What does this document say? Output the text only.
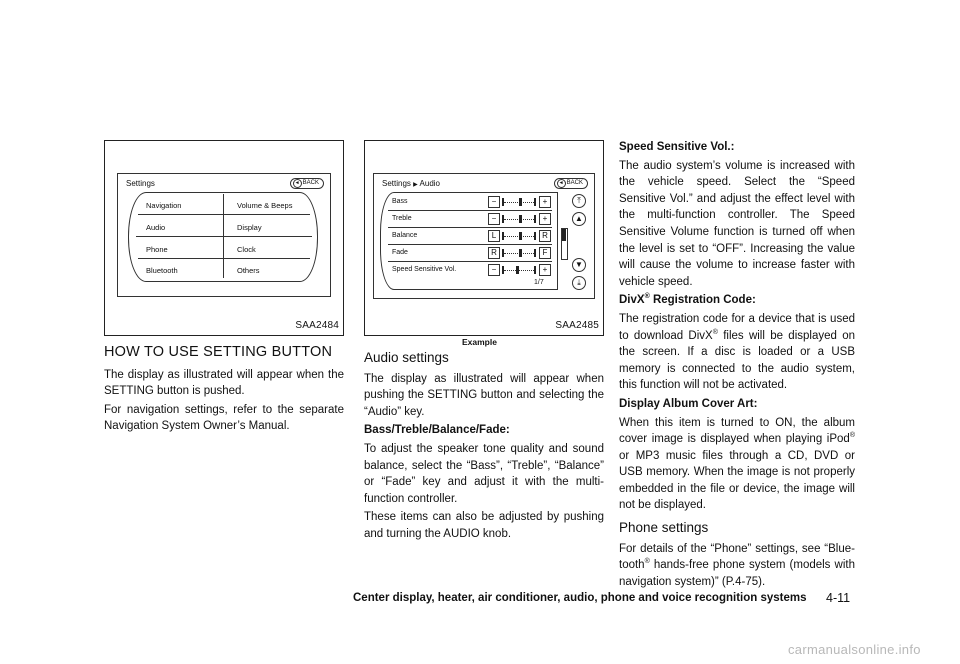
Settings	◄ BACK
Navigation
Audio
Phone
Bluetooth
Volume & Beeps
Display
Clock
Others
SAA2484
Settings ▶ Audio	◄ BACK
1/7
⤒
▲
▼
⤓
Bass	−	+
Treble	−	+
Balance	L	R
Fade	R	F
Speed Sensitive Vol.	−	+
SAA2485
Example
HOW TO USE SETTING BUTTON

The display as illustrated will appear when the SETTING button is pushed.

For navigation settings, refer to the separate Navigation System Owner’s Manual.

Audio settings

The display as illustrated will appear when pushing the SETTING button and selecting the “Audio” key.

Bass/Treble/Balance/Fade:

To adjust the speaker tone quality and sound balance, select the “Bass”, “Treble”, “Balance” or “Fade” key and adjust it with the multi-function controller.

These items can also be adjusted by pushing and turning the AUDIO knob.

Speed Sensitive Vol.:

The audio system’s volume is increased with the vehicle speed. Select the “Speed Sensitive Vol.” and adjust the effect level with the multi-function controller. The Speed Sensitive Volume function is turned off when the level is set to “OFF”. Increasing the value will cause the volume to increase faster with vehicle speed.

DivX® Registration Code:

The registration code for a device that is used to download DivX® files will be displayed on the screen. If a disc is loaded or a USB memory is connected to the audio system, this function will not be activated.

Display Album Cover Art:

When this item is turned to ON, the album cover image is displayed when playing iPod® or MP3 music files through a CD, DVD or USB memory. When the image is not properly embedded in the file or device, the image will not be displayed.

Phone settings

For details of the “Phone” settings, see “Blue-tooth® hands-free phone system (models with navigation system)” (P.4-75).

Center display, heater, air conditioner, audio, phone and voice recognition systems 4-11
carmanualsonline.info
